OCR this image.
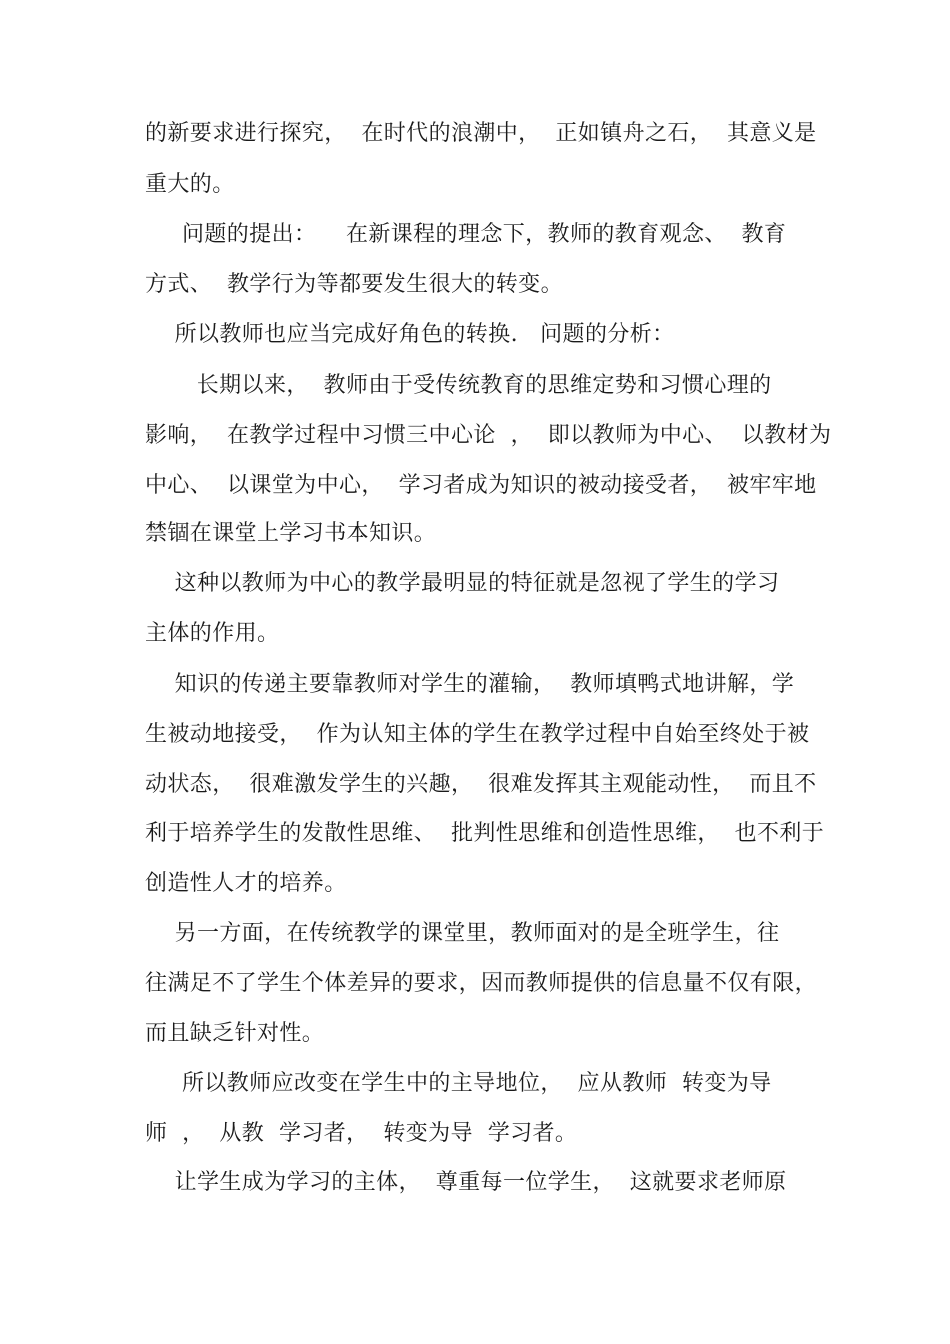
的新要求进行探究，  在时代的浪潮中，  正如镇舟之石，  其意义是
重大的。
问题的提出：    在新课程的理念下，教师的教育观念、  教育
方式、  教学行为等都要发生很大的转变。
所以教师也应当完成好角色的转换.   问题的分析：
长期以来，  教师由于受传统教育的思维定势和习惯心理的
影响，  在教学过程中习惯三中心论  ，  即以教师为中心、  以教材为
中心、  以课堂为中心，  学习者成为知识的被动接受者，  被牢牢地
禁锢在课堂上学习书本知识。
这种以教师为中心的教学最明显的特征就是忽视了学生的学习
主体的作用。
知识的传递主要靠教师对学生的灌输，  教师填鸭式地讲解，学
生被动地接受，  作为认知主体的学生在教学过程中自始至终处于被
动状态，  很难激发学生的兴趣，  很难发挥其主观能动性，  而且不
利于培养学生的发散性思维、  批判性思维和创造性思维，  也不利于
创造性人才的培养。
另一方面，在传统教学的课堂里，教师面对的是全班学生，往
往满足不了学生个体差异的要求，因而教师提供的信息量不仅有限，
而且缺乏针对性。
所以教师应改变在学生中的主导地位，  应从教师  转变为导
师  ，  从教  学习者，  转变为导  学习者。
让学生成为学习的主体，  尊重每一位学生，  这就要求老师原
